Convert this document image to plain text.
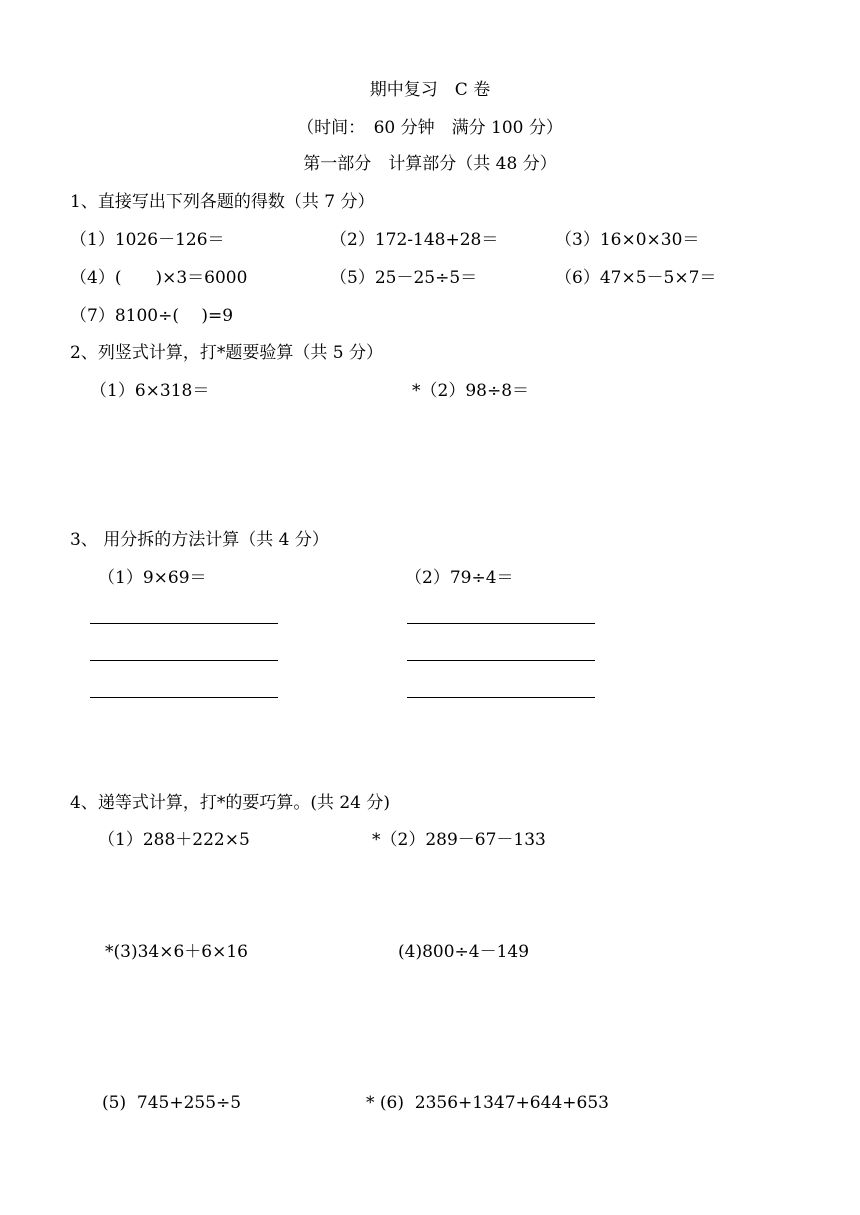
期中复习　C 卷
（时间：　60 分钟　满分 100 分）
第一部分　计算部分（共 48 分）
1、直接写出下列各题的得数（共 7 分）
（1）1026－126＝	（2）172-148+28＝	（3）16×0×30＝
（4）(　　)×3＝6000	（5）25－25÷5＝	（6）47×5－5×7＝
（7）8100÷(　 )=9
2、列竖式计算，打*题要验算（共 5 分）
（1）6×318＝	*（2）98÷8＝
3、 用分拆的方法计算（共 4 分）
（1）9×69＝	（2）79÷4＝
4、递等式计算，打*的要巧算。(共 24 分)
（1）288＋222×5	*（2）289－67－133
*(3)34×6＋6×16	(4)800÷4－149
(5)  745+255÷5	* (6)  2356+1347+644+653
